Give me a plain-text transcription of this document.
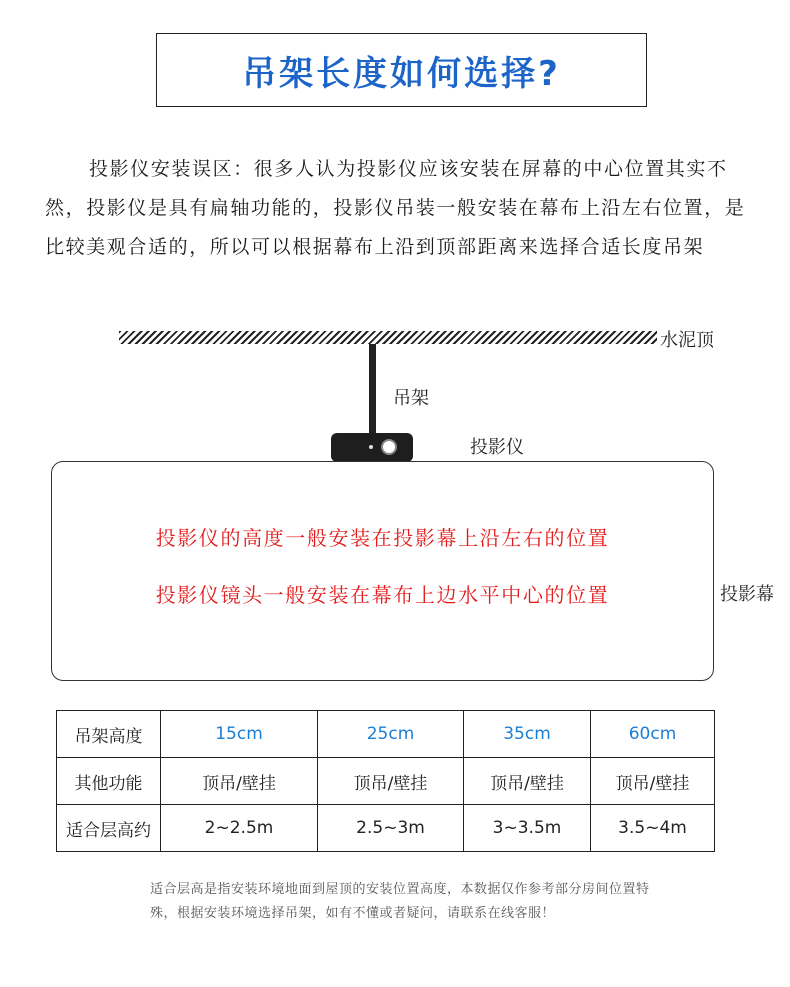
吊架长度如何选择?

投影仪安装误区：很多人认为投影仪应该安装在屏幕的中心位置其实不然，投影仪是具有扁轴功能的，投影仪吊装一般安装在幕布上沿左右位置，是比较美观合适的，所以可以根据幕布上沿到顶部距离来选择合适长度吊架

水泥顶
吊架
投影仪
投影仪的高度一般安装在投影幕上沿左右的位置
投影仪镜头一般安装在幕布上边水平中心的位置	投影幕
吊架高度	15cm	25cm	35cm	60cm
其他功能	顶吊/壁挂	顶吊/壁挂	顶吊/壁挂	顶吊/壁挂
适合层高约	2~2.5m	2.5~3m	3~3.5m	3.5~4m

适合层高是指安装环境地面到屋顶的安装位置高度，本数据仅作参考部分房间位置特殊，根据安装环境选择吊架，如有不懂或者疑问，请联系在线客服！
